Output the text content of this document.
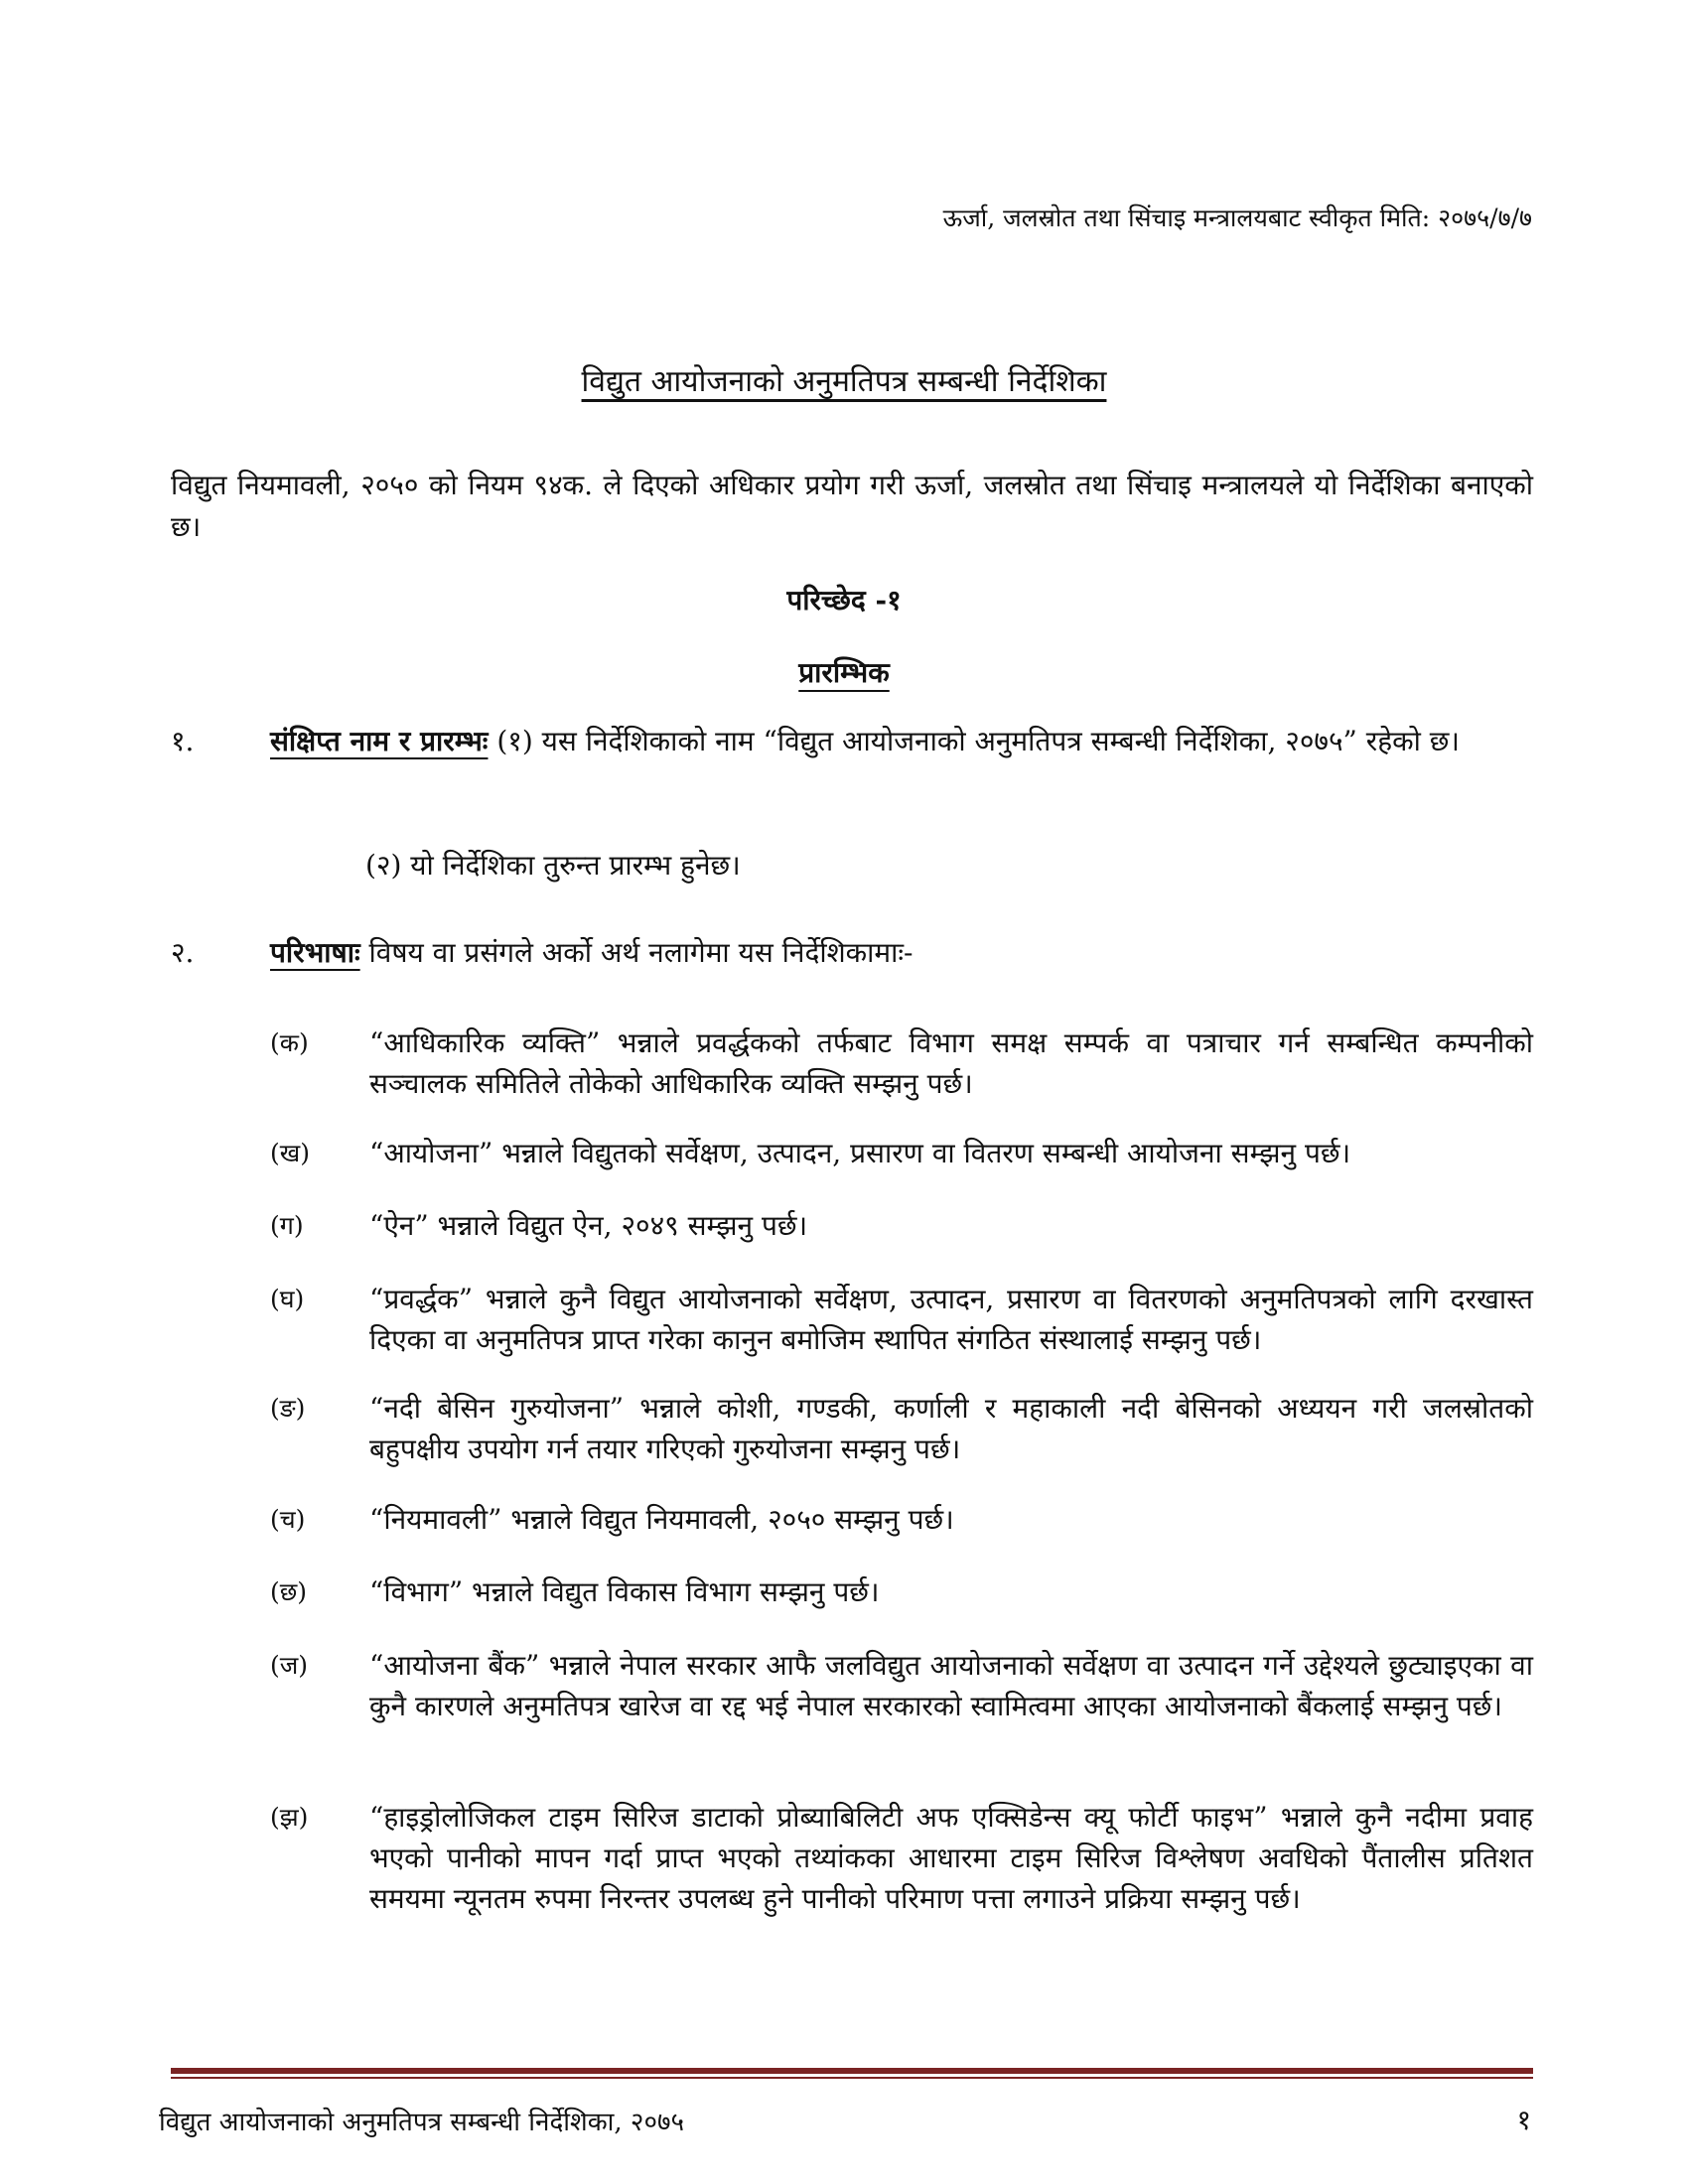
ऊर्जा, जलस्रोत तथा सिंचाइ मन्त्रालयबाट स्वीकृत मिति: २०७५/७/७
विद्युत आयोजनाको अनुमतिपत्र सम्बन्धी निर्देशिका
विद्युत नियमावली, २०५० को नियम ९४क. ले दिएको अधिकार प्रयोग गरी ऊर्जा, जलस्रोत तथा सिंचाइ मन्त्रालयले यो निर्देशिका बनाएको छ।
परिच्छेद -१
प्रारम्भिक
१.	संक्षिप्त नाम र प्रारम्भः (१) यस निर्देशिकाको नाम “विद्युत आयोजनाको अनुमतिपत्र सम्बन्धी निर्देशिका, २०७५” रहेको छ।
(२) यो निर्देशिका तुरुन्त प्रारम्भ हुनेछ।
२.	परिभाषाः विषय वा प्रसंगले अर्को अर्थ नलागेमा यस निर्देशिकामाः-
(क) “आधिकारिक व्यक्ति” भन्नाले प्रवर्द्धकको तर्फबाट विभाग समक्ष सम्पर्क वा पत्राचार गर्न सम्बन्धित कम्पनीको सञ्चालक समितिले तोकेको आधिकारिक व्यक्ति सम्झनु पर्छ।
(ख) “आयोजना” भन्नाले विद्युतको सर्वेक्षण, उत्पादन, प्रसारण वा वितरण सम्बन्धी आयोजना सम्झनु पर्छ।
(ग) “ऐन” भन्नाले विद्युत ऐन, २०४९ सम्झनु पर्छ।
(घ) “प्रवर्द्धक” भन्नाले कुनै विद्युत आयोजनाको सर्वेक्षण, उत्पादन, प्रसारण वा वितरणको अनुमतिपत्रको लागि दरखास्त दिएका वा अनुमतिपत्र प्राप्त गरेका कानुन बमोजिम स्थापित संगठित संस्थालाई सम्झनु पर्छ।
(ङ) “नदी बेसिन गुरुयोजना” भन्नाले कोशी, गण्डकी, कर्णाली र महाकाली नदी बेसिनको अध्ययन गरी जलस्रोतको बहुपक्षीय उपयोग गर्न तयार गरिएको गुरुयोजना सम्झनु पर्छ।
(च) “नियमावली” भन्नाले विद्युत नियमावली, २०५० सम्झनु पर्छ।
(छ) “विभाग” भन्नाले विद्युत विकास विभाग सम्झनु पर्छ।
(ज) “आयोजना बैंक” भन्नाले नेपाल सरकार आफै जलविद्युत आयोजनाको सर्वेक्षण वा उत्पादन गर्ने उद्देश्यले छुट्याइएका वा कुनै कारणले अनुमतिपत्र खारेज वा रद्द भई नेपाल सरकारको स्वामित्वमा आएका आयोजनाको बैंकलाई सम्झनु पर्छ।
(झ) “हाइड्रोलोजिकल टाइम सिरिज डाटाको प्रोब्याबिलिटी अफ एक्सिडेन्स क्यू फोर्टी फाइभ” भन्नाले कुनै नदीमा प्रवाह भएको पानीको मापन गर्दा प्राप्त भएको तथ्यांकका आधारमा टाइम सिरिज विश्लेषण अवधिको पैंतालीस प्रतिशत समयमा न्यूनतम रुपमा निरन्तर उपलब्ध हुने पानीको परिमाण पत्ता लगाउने प्रक्रिया सम्झनु पर्छ।
विद्युत आयोजनाको अनुमतिपत्र सम्बन्धी निर्देशिका, २०७५	१
